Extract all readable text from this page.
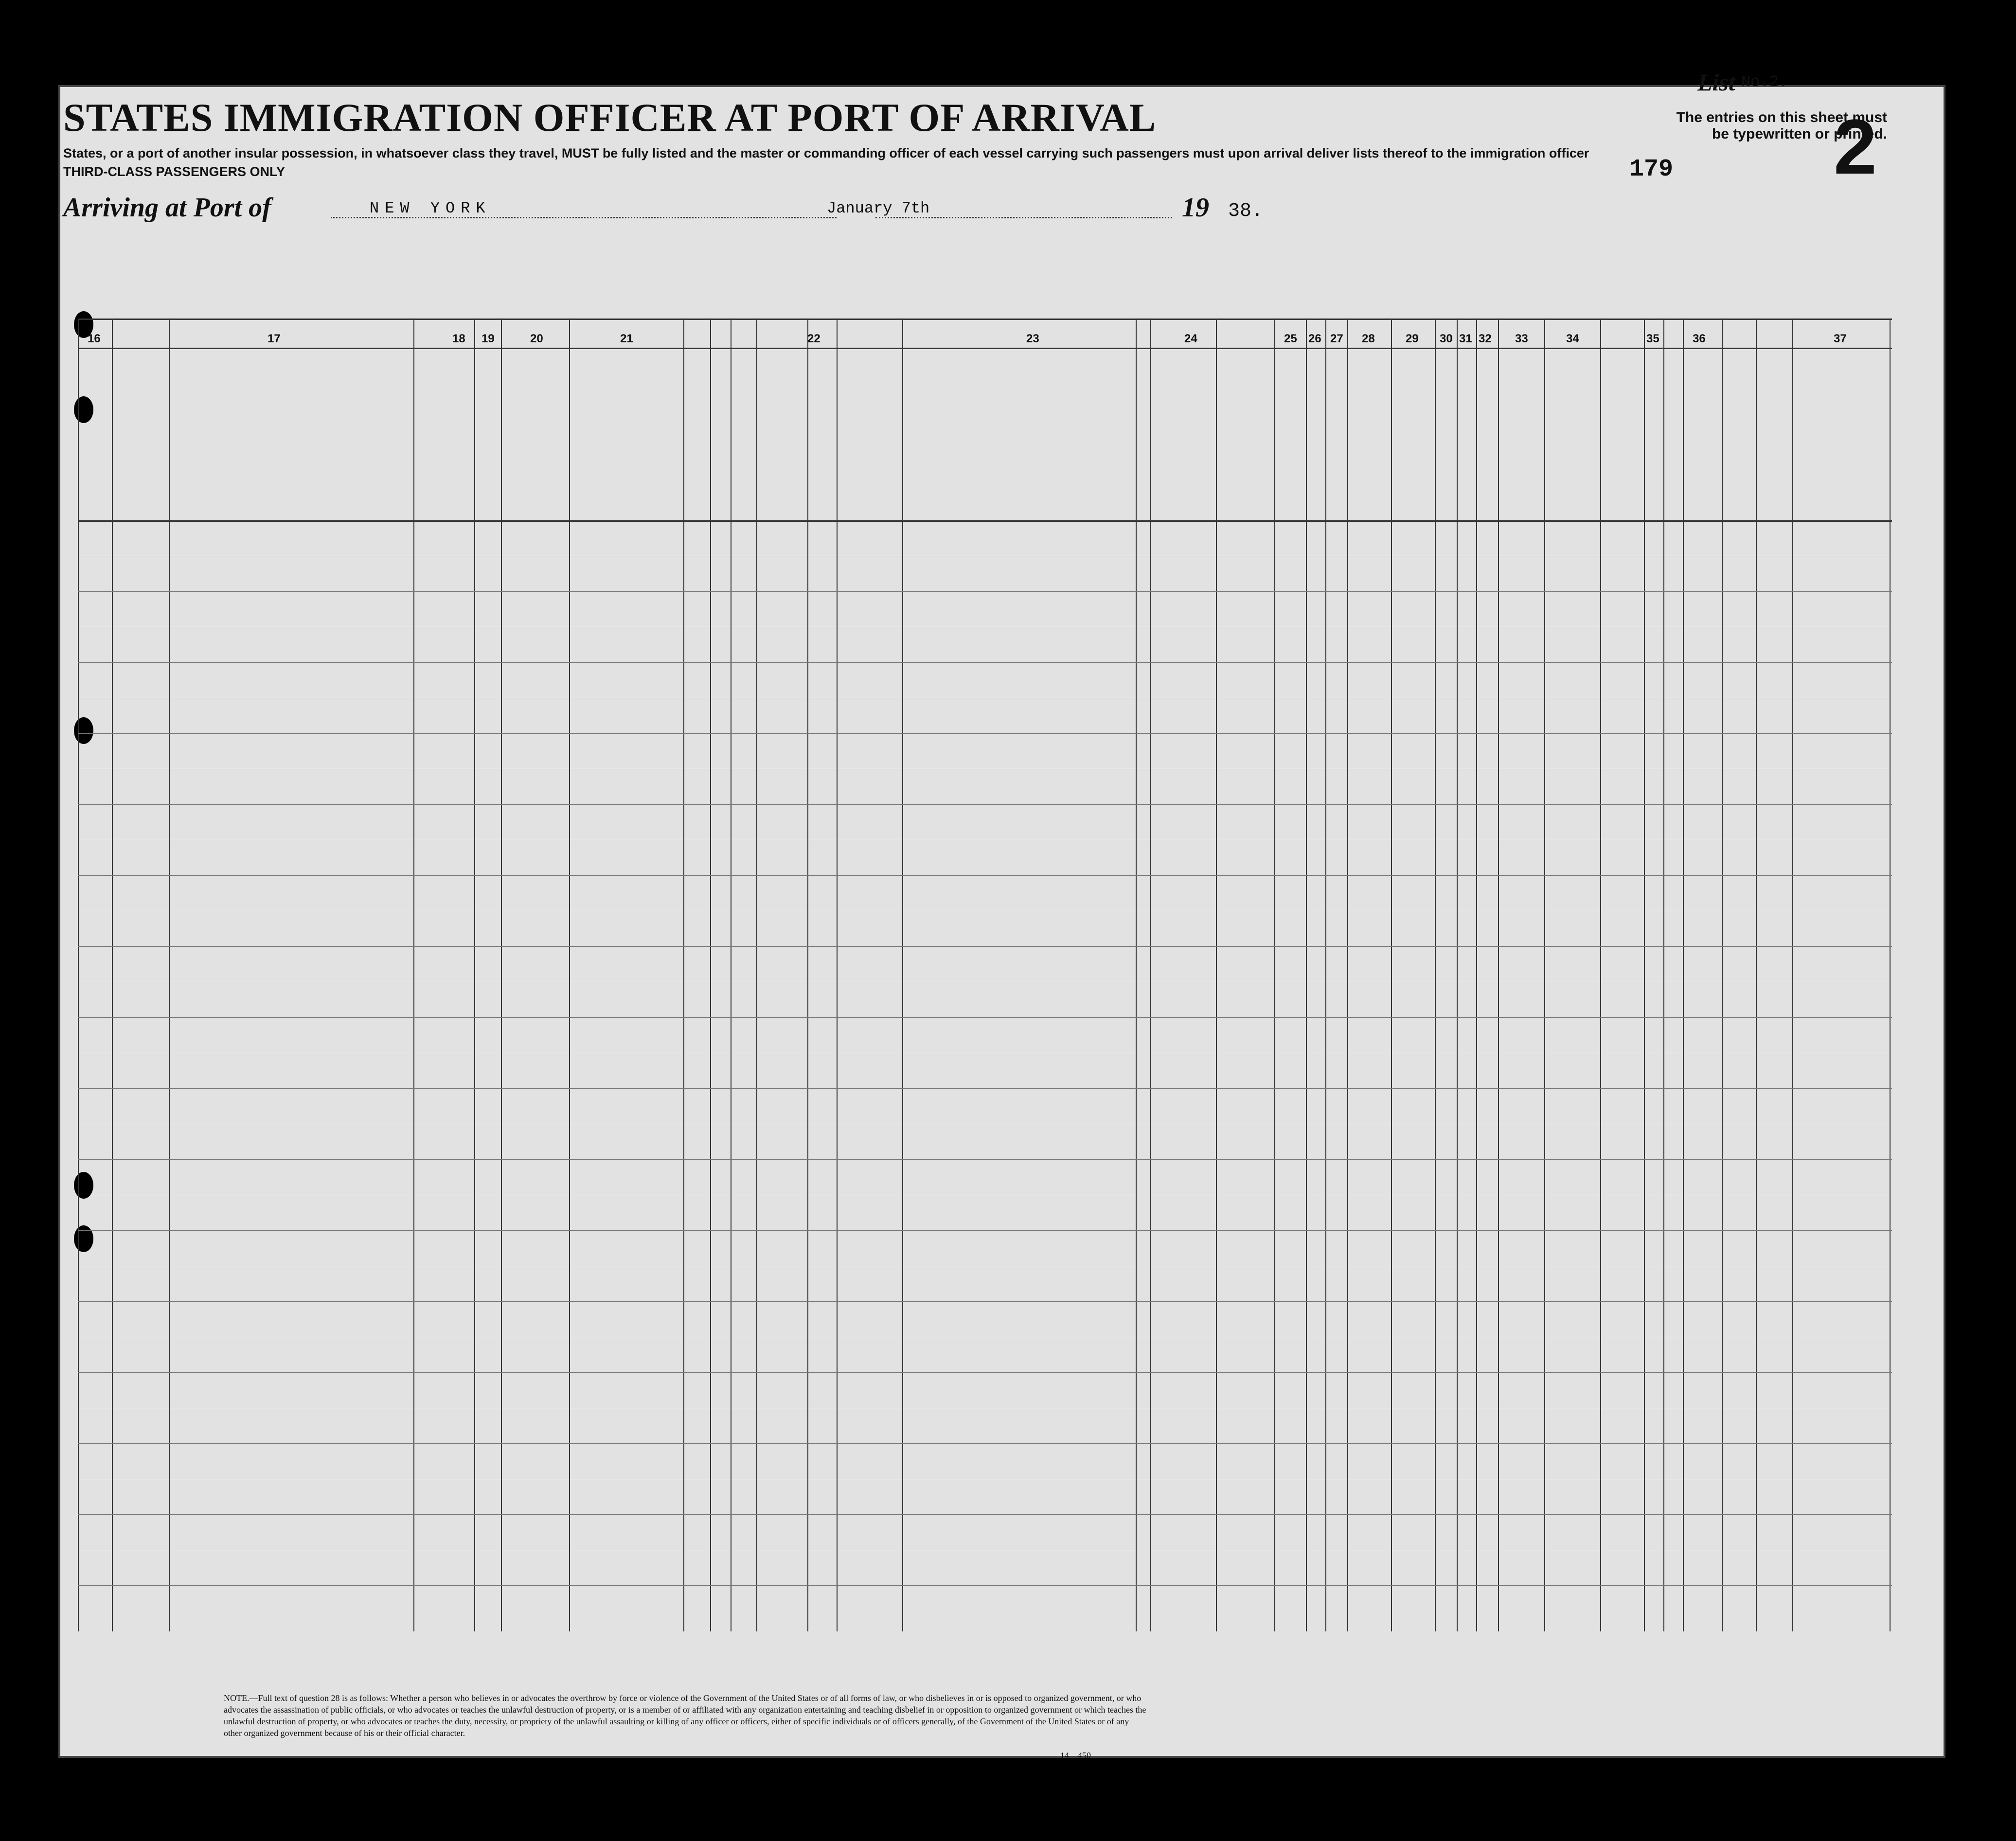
List No.2.
The entries on this sheet must be typewritten or printed.
STATES IMMIGRATION OFFICER AT PORT OF ARRIVAL
States, or a port of another insular possession, in whatsoever class they travel, MUST be fully listed and the master or commanding officer of each vessel carrying such passengers must upon arrival deliver lists thereof to the immigration officer
THIRD-CLASS PASSENGERS ONLY	179 2
Arriving at Port of	NEW YORK	January 7th	19 38.
16	17	18 19	20	21	22	23	24	25 26 27 28	29 30 31 32 33	34	35	36	37
NOTE.—Full text of question 28 is as follows: Whether a person who believes in or advocates the overthrow by force or violence of the Government of the United States or of all forms of law, or who disbelieves in or is opposed to organized government, or who advocates the assassination of public officials, or who advocates or teaches the unlawful destruction of property, or is a member of or affiliated with any organization entertaining and teaching disbelief in or opposition to organized government or which teaches the unlawful destruction of property, or who advocates or teaches the duty, necessity, or propriety of the unlawful assaulting or killing of any officer or officers, either of specific individuals or of officers generally, of the Government of the United States or of any other organized government because of his or their official character.
14—450
